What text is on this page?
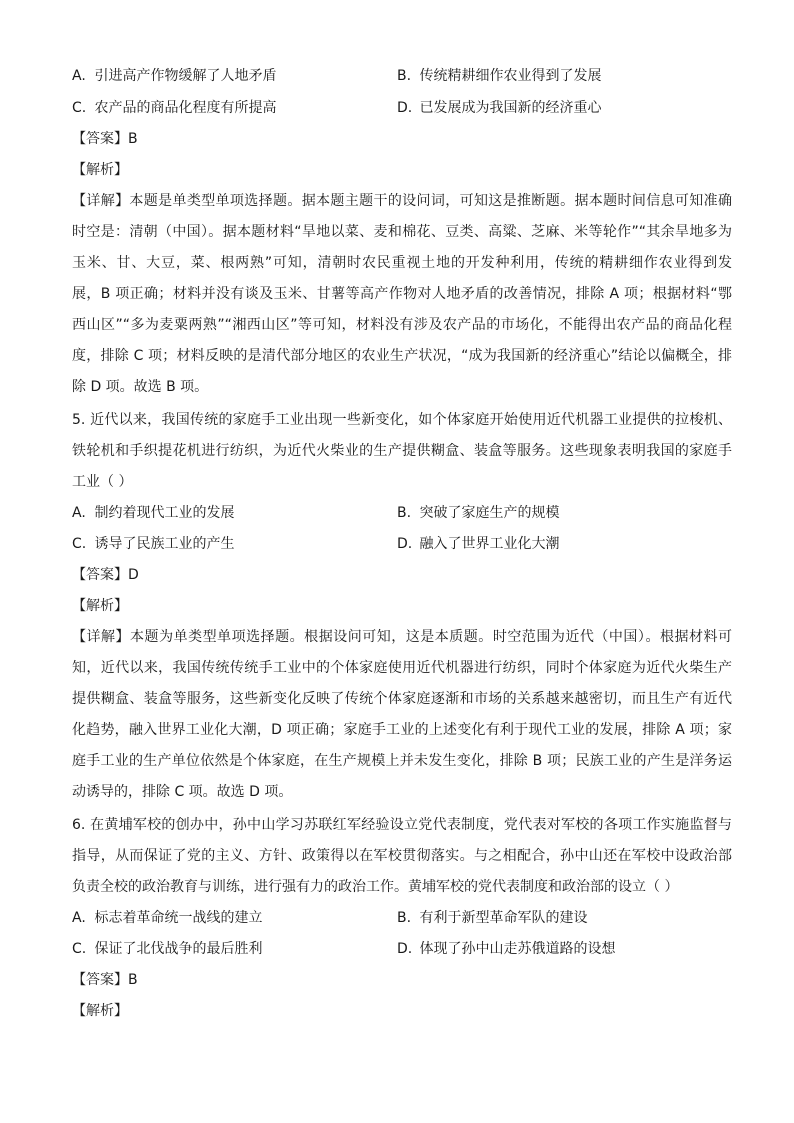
A. 引进高产作物缓解了人地矛盾	B. 传统精耕细作农业得到了发展
C. 农产品的商品化程度有所提高	D. 已发展成为我国新的经济重心
【答案】B
【解析】
【详解】本题是单类型单项选择题。据本题主题干的设问词，可知这是推断题。据本题时间信息可知准确
时空是：清朝（中国）。据本题材料“旱地以菜、麦和棉花、豆类、高粱、芝麻、米等轮作”“其余旱地多为
玉米、甘、大豆，菜、根两熟”可知，清朝时农民重视土地的开发种利用，传统的精耕细作农业得到发
展，B 项正确；材料并没有谈及玉米、甘薯等高产作物对人地矛盾的改善情况，排除 A 项；根据材料“鄂
西山区”“多为麦粟两熟”“湘西山区”等可知，材料没有涉及农产品的市场化，不能得出农产品的商品化程
度，排除 C 项；材料反映的是清代部分地区的农业生产状况，“成为我国新的经济重心”结论以偏概全，排
除 D 项。故选 B 项。
5. 近代以来，我国传统的家庭手工业出现一些新变化，如个体家庭开始使用近代机器工业提供的拉梭机、
铁轮机和手织提花机进行纺织，为近代火柴业的生产提供糊盒、装盒等服务。这些现象表明我国的家庭手
工业（ ）
A. 制约着现代工业的发展	B. 突破了家庭生产的规模
C. 诱导了民族工业的产生	D. 融入了世界工业化大潮
【答案】D
【解析】
【详解】本题为单类型单项选择题。根据设问可知，这是本质题。时空范围为近代（中国）。根据材料可
知，近代以来，我国传统传统手工业中的个体家庭使用近代机器进行纺织，同时个体家庭为近代火柴生产
提供糊盒、装盒等服务，这些新变化反映了传统个体家庭逐渐和市场的关系越来越密切，而且生产有近代
化趋势，融入世界工业化大潮，D 项正确；家庭手工业的上述变化有利于现代工业的发展，排除 A 项；家
庭手工业的生产单位依然是个体家庭，在生产规模上并未发生变化，排除 B 项；民族工业的产生是洋务运
动诱导的，排除 C 项。故选 D 项。
6. 在黄埔军校的创办中，孙中山学习苏联红军经验设立党代表制度，党代表对军校的各项工作实施监督与
指导，从而保证了党的主义、方针、政策得以在军校贯彻落实。与之相配合，孙中山还在军校中设政治部
负责全校的政治教育与训练，进行强有力的政治工作。黄埔军校的党代表制度和政治部的设立（ ）
A. 标志着革命统一战线的建立	B. 有利于新型革命军队的建设
C. 保证了北伐战争的最后胜利	D. 体现了孙中山走苏俄道路的设想
【答案】B
【解析】
